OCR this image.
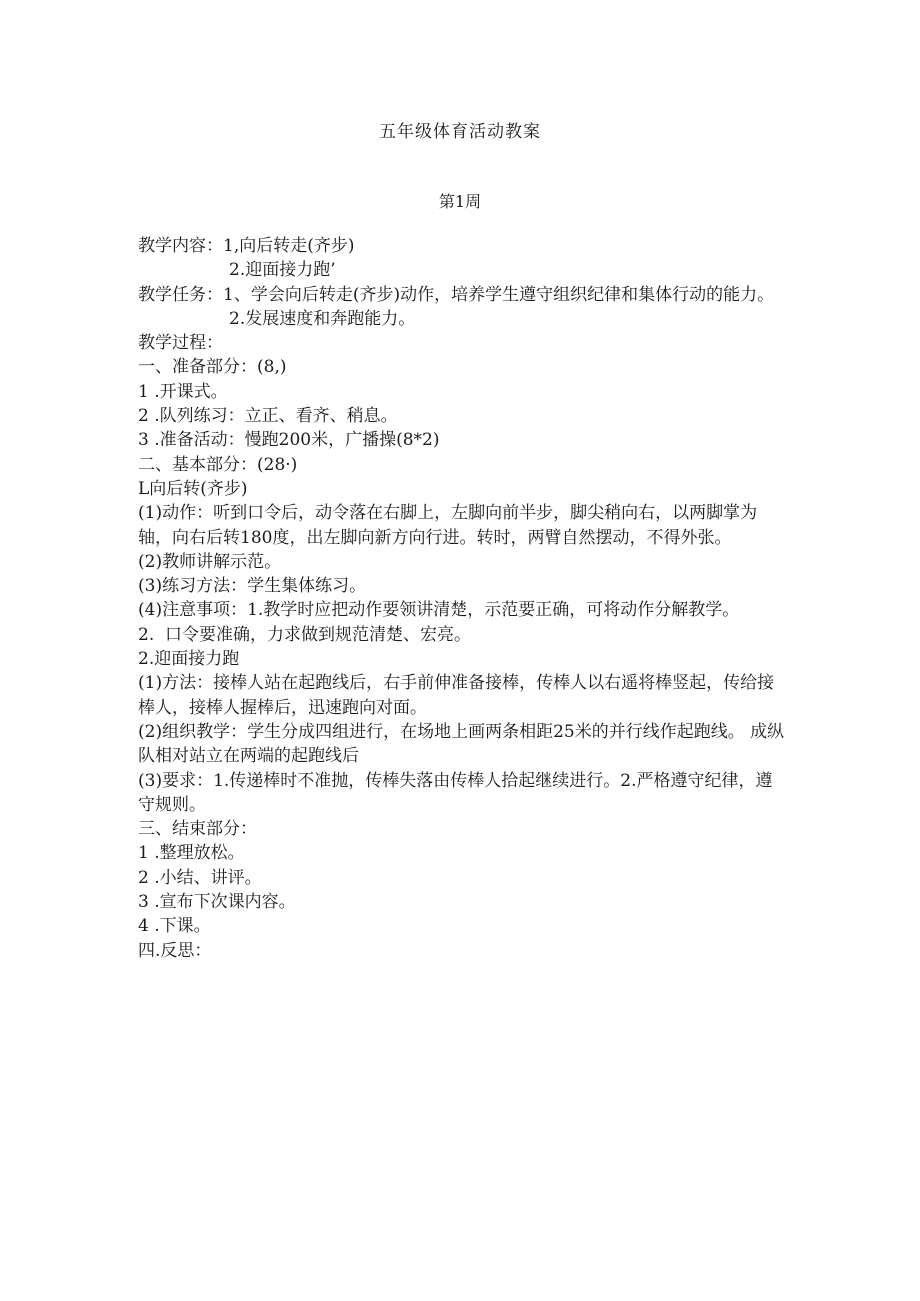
五年级体育活动教案
第1周

教学内容：1,向后转走(齐步)

2.迎面接力跑’

教学任务：1、学会向后转走(齐步)动作，培养学生遵守组织纪律和集体行动的能力。

2.发展速度和奔跑能力。

教学过程：

一、准备部分：(8,)

1 .开课式。

2 .队列练习：立正、看齐、稍息。

3 .准备活动：慢跑200米，广播操(8*2)

二、基本部分：(28·)

L向后转(齐步)

(1)动作：听到口令后，动令落在右脚上，左脚向前半步，脚尖稍向右，以两脚掌为轴，向右后转180度，出左脚向新方向行进。转时，两臂自然摆动，不得外张。

(2)教师讲解示范。

(3)练习方法：学生集体练习。

(4)注意事项：1.教学时应把动作要领讲清楚，示范要正确，可将动作分解教学。

2.  口令要准确，力求做到规范清楚、宏亮。

2.迎面接力跑

(1)方法：接棒人站在起跑线后，右手前伸准备接棒，传棒人以右遥将棒竖起，传给接棒人，接棒人握棒后，迅速跑向对面。

(2)组织教学：学生分成四组进行，在场地上画两条相距25米的并行线作起跑线。 成纵队相对站立在两端的起跑线后

(3)要求：1.传递棒时不准抛，传棒失落由传棒人拾起继续进行。2.严格遵守纪律，遵守规则。

三、结束部分：

1 .整理放松。

2 .小结、讲评。

3 .宣布下次课内容。

4 .下课。

四.反思：
